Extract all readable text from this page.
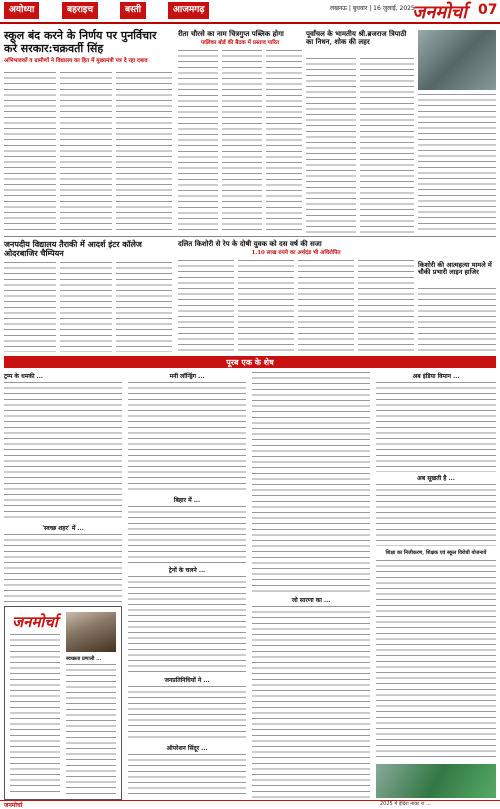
अयोध्या	बहराइच	बस्ती	आजमगढ़	लखनऊ | बुधवार | 16 जुलाई, 2025
जनमोर्चा 07
स्कूल बंद करने के निर्णय पर पुनर्विचार करे सरकार:चक्रवर्ती सिंह
अभिभावकों व ग्रामीणों ने विद्यालय का हित में मुख्यमंत्री पत्र दे रहा दबाव
रीता चौरसे का नाम चित्रगुप्त पब्लिक होगा
पालिका बोर्ड की बैठक में प्रस्ताव पारित
पूर्वांचल के भामतीय श्री.ब्रजराज त्रिपाठी का निधन, शोक की लहर
जनपदीय विद्यालय तैराकी में आदर्श इंटर कॉलेज ओदरबाजिर चैम्पियन
दलित किशोरी से रेप के दोषी युवक को दस वर्ष की सजा
1.10 लाख रुपये का अर्थदंड भी अधिरोपित
किशोरी की आत्महत्या मामले में चौकी प्रभारी लाइन हाजिर
पूरब एक के शेष
ट्रम्प के धमकी ...
'स्वच्छ शहर' में ...
मनी लॉन्ड्रिंग ...
बिहार में ...
ट्रेनों के चलने ...
जनप्रतिनिधियों ने ...
ऑपरेशन सिंदूर ...
जो सारणा का ...
अब इंडिया विमान ...
अब सूखती है ...
शिक्षा का निजीकरण, शिक्षक एवं स्कूल विरोधी योजनायें
जनमोर्चा
स्वच्छता प्रणाली ...
जनमोर्चा	2025 में इंदिरा नाका रा ...
